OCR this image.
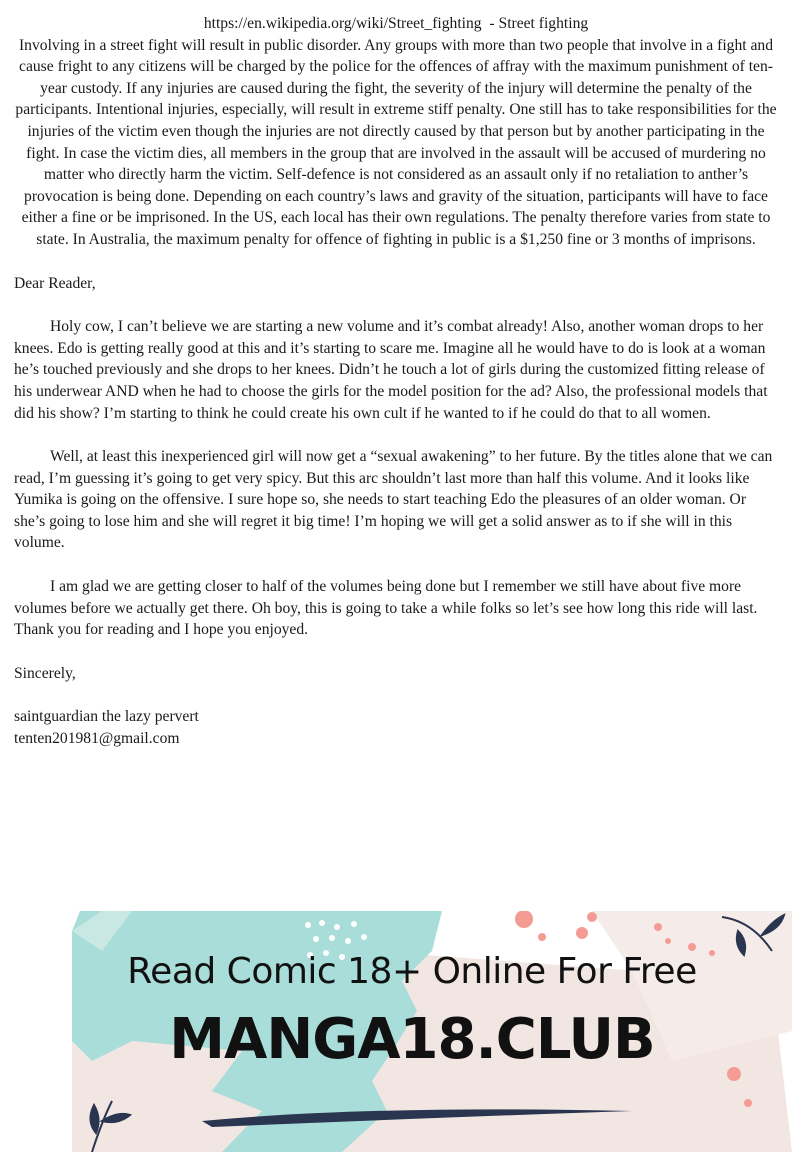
https://en.wikipedia.org/wiki/Street_fighting - Street fighting

Involving in a street fight will result in public disorder. Any groups with more than two people that involve in a fight and cause fright to any citizens will be charged by the police for the offences of affray with the maximum punishment of ten-year custody. If any injuries are caused during the fight, the severity of the injury will determine the penalty of the participants. Intentional injuries, especially, will result in extreme stiff penalty. One still has to take responsibilities for the injuries of the victim even though the injuries are not directly caused by that person but by another participating in the fight. In case the victim dies, all members in the group that are involved in the assault will be accused of murdering no matter who directly harm the victim. Self-defence is not considered as an assault only if no retaliation to anther’s provocation is being done. Depending on each country’s laws and gravity of the situation, participants will have to face either a fine or be imprisoned. In the US, each local has their own regulations. The penalty therefore varies from state to state. In Australia, the maximum penalty for offence of fighting in public is a $1,250 fine or 3 months of imprisons.

Dear Reader,

Holy cow, I can’t believe we are starting a new volume and it’s combat already! Also, another woman drops to her knees. Edo is getting really good at this and it’s starting to scare me. Imagine all he would have to do is look at a woman he’s touched previously and she drops to her knees. Didn’t he touch a lot of girls during the customized fitting release of his underwear AND when he had to choose the girls for the model position for the ad? Also, the professional models that did his show? I’m starting to think he could create his own cult if he wanted to if he could do that to all women.

Well, at least this inexperienced girl will now get a “sexual awakening” to her future. By the titles alone that we can read, I’m guessing it’s going to get very spicy. But this arc shouldn’t last more than half this volume. And it looks like Yumika is going on the offensive. I sure hope so, she needs to start teaching Edo the pleasures of an older woman. Or she’s going to lose him and she will regret it big time! I’m hoping we will get a solid answer as to if she will in this volume.

I am glad we are getting closer to half of the volumes being done but I remember we still have about five more volumes before we actually get there. Oh boy, this is going to take a while folks so let’s see how long this ride will last. Thank you for reading and I hope you enjoyed.

Sincerely,

saintguardian the lazy pervert
tenten201981@gmail.com
Read Comic 18+ Online For Free
MANGA18.CLUB
